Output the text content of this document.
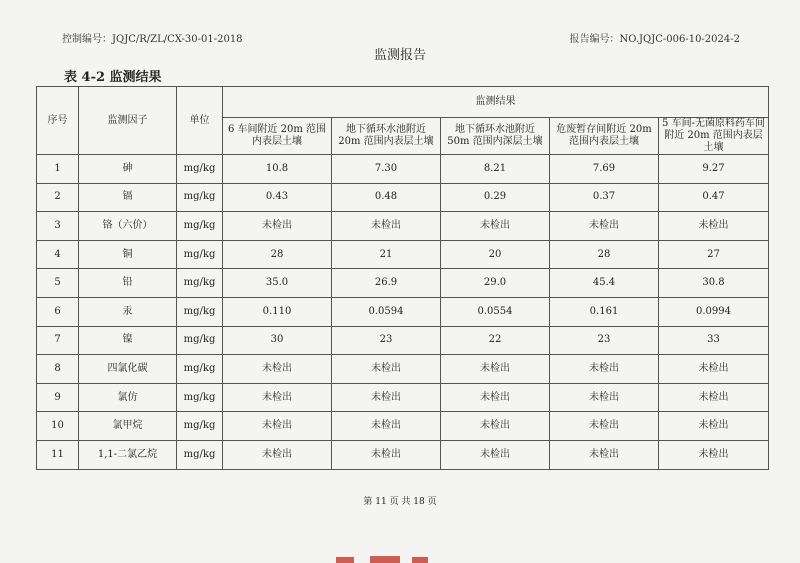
控制编号：JQJC/R/ZL/CX-30-01-2018	报告编号：NO.JQJC-006-10-2024-2
监测报告
表 4-2 监测结果
序号	监测因子	单位	监测结果				
			6 车间附近 20m 范围内表层土壤	地下循环水池附近 20m 范围内表层土壤	地下循环水池附近 50m 范围内深层土壤	危废暂存间附近 20m 范围内表层土壤	5 车间-无菌原料药车间附近 20m 范围内表层土壤
1	砷	mg/kg	10.8	7.30	8.21	7.69	9.27
2	镉	mg/kg	0.43	0.48	0.29	0.37	0.47
3	铬（六价）	mg/kg	未检出	未检出	未检出	未检出	未检出
4	铜	mg/kg	28	21	20	28	27
5	铅	mg/kg	35.0	26.9	29.0	45.4	30.8
6	汞	mg/kg	0.110	0.0594	0.0554	0.161	0.0994
7	镍	mg/kg	30	23	22	23	33
8	四氯化碳	mg/kg	未检出	未检出	未检出	未检出	未检出
9	氯仿	mg/kg	未检出	未检出	未检出	未检出	未检出
10	氯甲烷	mg/kg	未检出	未检出	未检出	未检出	未检出
11	1,1-二氯乙烷	mg/kg	未检出	未检出	未检出	未检出	未检出
第 11 页 共 18 页
